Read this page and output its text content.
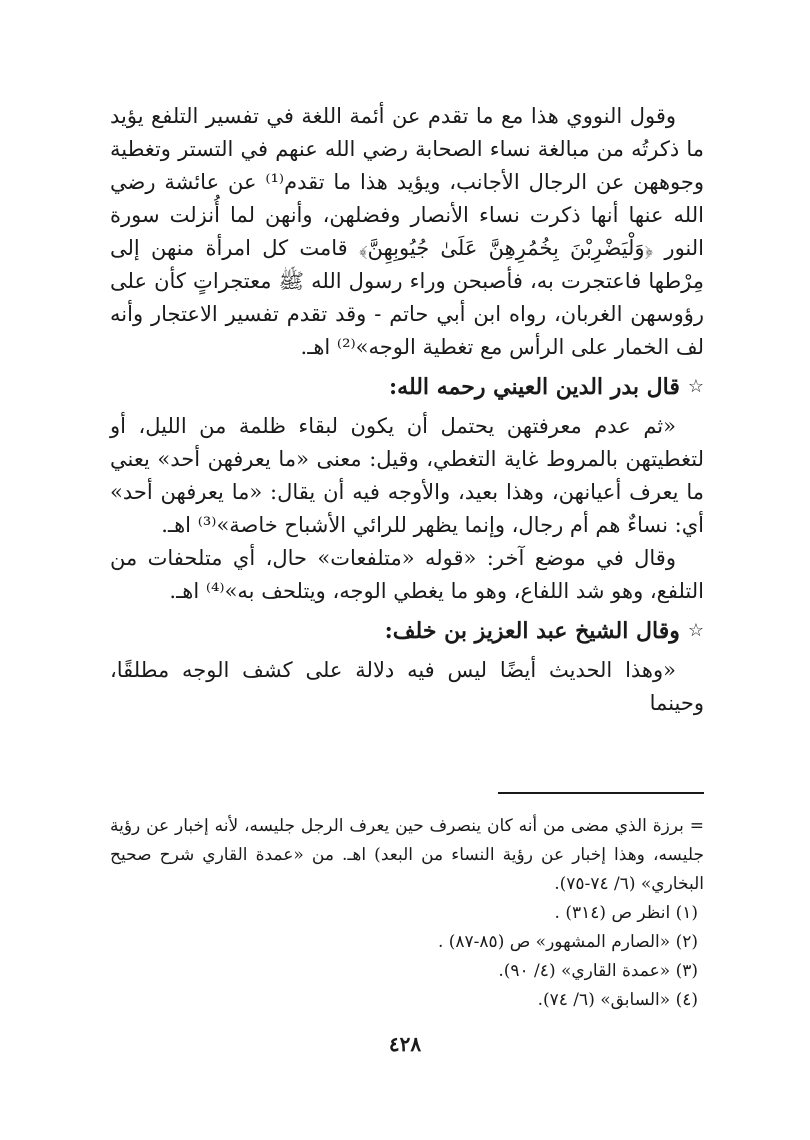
وقول النووي هذا مع ما تقدم عن أئمة اللغة في تفسير التلفع يؤيد ما ذكرتُه من مبالغة نساء الصحابة رضي الله عنهم في التستر وتغطية وجوههن عن الرجال الأجانب، ويؤيد هذا ما تقدم⁽¹⁾ عن عائشة رضي الله عنها أنها ذكرت نساء الأنصار وفضلهن، وأنهن لما أُنزلت سورة النور ﴿وَلْيَضْرِبْنَ بِخُمُرِهِنَّ عَلَىٰ جُيُوبِهِنَّ﴾ قامت كل امرأة منهن إلى مِرْطها فاعتجرت به، فأصبحن وراء رسول الله ﷺ معتجراتٍ كأن على رؤوسهن الغربان، رواه ابن أبي حاتم - وقد تقدم تفسير الاعتجار وأنه لف الخمار على الرأس مع تغطية الوجه»⁽²⁾ اهـ.

☆
قال بدر الدين العيني رحمه الله:

«ثم عدم معرفتهن يحتمل أن يكون لبقاء ظلمة من الليل، أو لتغطيتهن بالمروط غاية التغطي، وقيل: معنى «ما يعرفهن أحد» يعني ما يعرف أعيانهن، وهذا بعيد، والأوجه فيه أن يقال: «ما يعرفهن أحد» أي: نساءٌ هم أم رجال، وإنما يظهر للرائي الأشباح خاصة»⁽³⁾ اهـ.

وقال في موضع آخر: «قوله «متلفعات» حال، أي متلحفات من التلفع، وهو شد اللفاع، وهو ما يغطي الوجه، ويتلحف به»⁽⁴⁾ اهـ.

☆
وقال الشيخ عبد العزيز بن خلف:

«وهذا الحديث أيضًا ليس فيه دلالة على كشف الوجه مطلقًا، وحينما

= برزة الذي مضى من أنه كان ينصرف حين يعرف الرجل جليسه، لأنه إخبار عن رؤية جليسه، وهذا إخبار عن رؤية النساء من البعد) اهـ. من «عمدة القاري شرح صحيح البخاري» (٦/ ٧٤-٧٥).

(١) انظر ص (٣١٤) .

(٢) «الصارم المشهور» ص (٨٥-٨٧) .

(٣) «عمدة القاري» (٤/ ٩٠).

(٤) «السابق» (٦/ ٧٤).

٤٢٨
